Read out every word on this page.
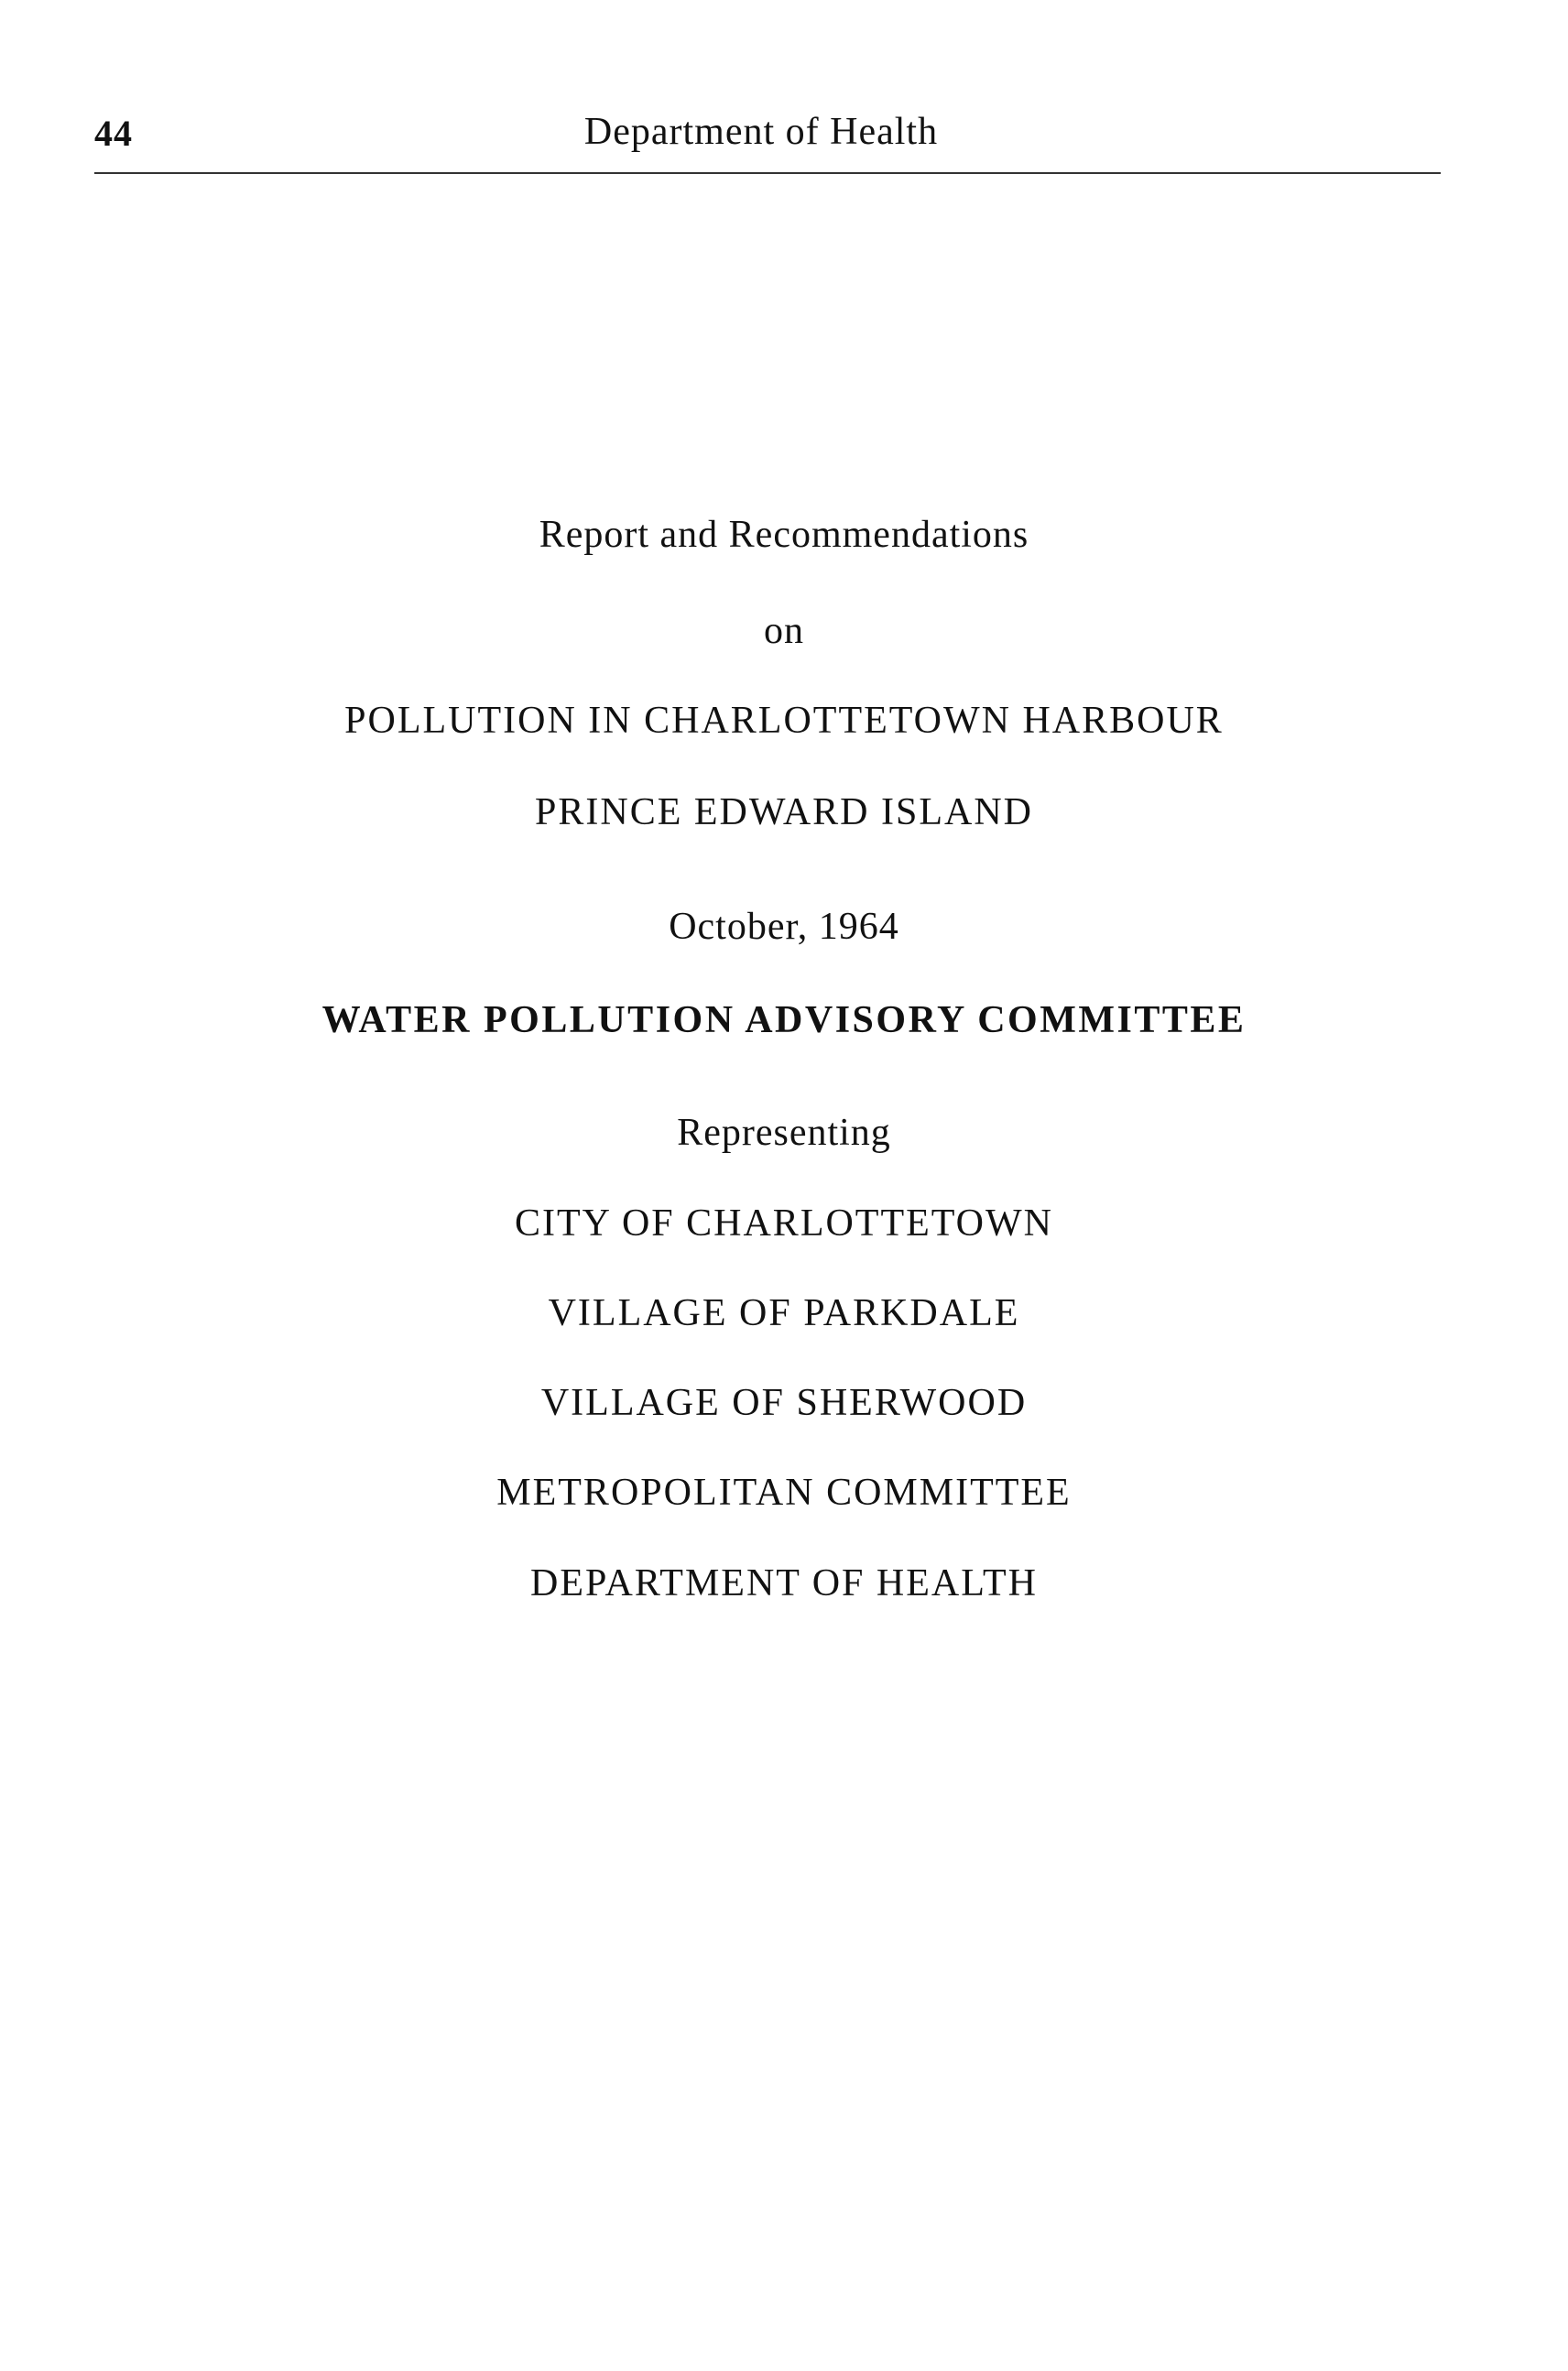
44	Department of Health
Report and Recommendations
on
POLLUTION IN CHARLOTTETOWN HARBOUR
PRINCE EDWARD ISLAND
October, 1964
WATER POLLUTION ADVISORY COMMITTEE
Representing
CITY OF CHARLOTTETOWN
VILLAGE OF PARKDALE
VILLAGE OF SHERWOOD
METROPOLITAN COMMITTEE
DEPARTMENT OF HEALTH
